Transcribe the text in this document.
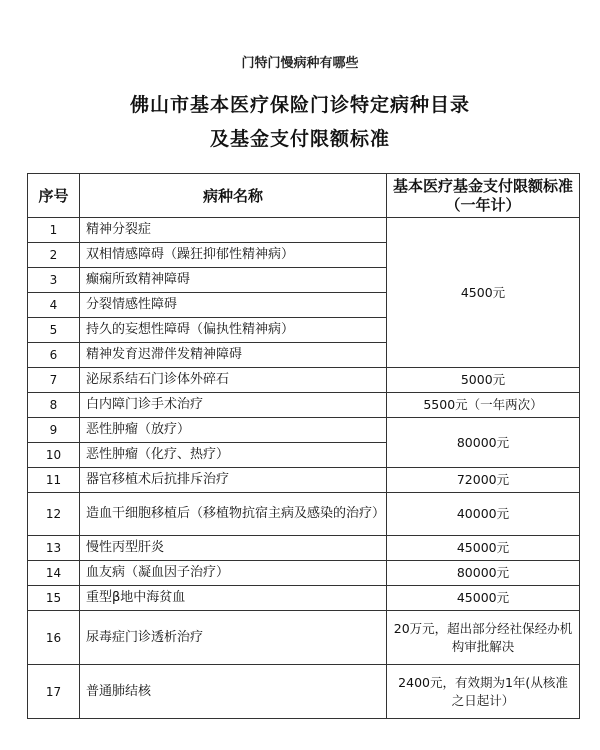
门特门慢病种有哪些
佛山市基本医疗保险门诊特定病种目录
及基金支付限额标准
序号	病种名称	基本医疗基金支付限额标准（一年计）
1	精神分裂症	4500元
2	双相情感障碍（躁狂抑郁性精神病）	
3	癫痫所致精神障碍	
4	分裂情感性障碍	
5	持久的妄想性障碍（偏执性精神病）	
6	精神发育迟滞伴发精神障碍	
7	泌尿系结石门诊体外碎石	5000元
8	白内障门诊手术治疗	5500元（一年两次）
9	恶性肿瘤（放疗）	80000元
10	恶性肿瘤（化疗、热疗）	
11	器官移植术后抗排斥治疗	72000元
12	造血干细胞移植后（移植物抗宿主病及感染的治疗）	40000元
13	慢性丙型肝炎	45000元
14	血友病（凝血因子治疗）	80000元
15	重型β地中海贫血	45000元
16	尿毒症门诊透析治疗	20万元，超出部分经社保经办机构审批解决
17	普通肺结核	2400元，有效期为1年(从核准之日起计）
